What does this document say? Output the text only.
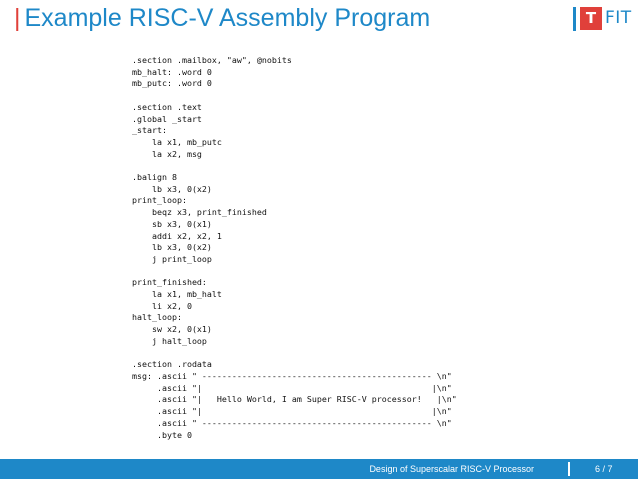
| Example RISC-V Assembly Program	T FIT
.section .mailbox, "aw", @nobits
mb_halt: .word 0
mb_putc: .word 0

.section .text
.global _start
_start:
la x1, mb_putc
la x2, msg

.balign 8
lb x3, 0(x2)
print_loop:
beqz x3, print_finished
sb x3, 0(x1)
addi x2, x2, 1
lb x3, 0(x2)
j print_loop

print_finished:
la x1, mb_halt
li x2, 0
halt_loop:
sw x2, 0(x1)
j halt_loop

.section .rodata
msg: .ascii " ---------------------------------------------- \n"
.ascii "|                                              |\n"
.ascii "|   Hello World, I am Super RISC-V processor!   |\n"
.ascii "|                                              |\n"
.ascii " ---------------------------------------------- \n"
.byte 0
Design of Superscalar RISC-V Processor	6 / 7
